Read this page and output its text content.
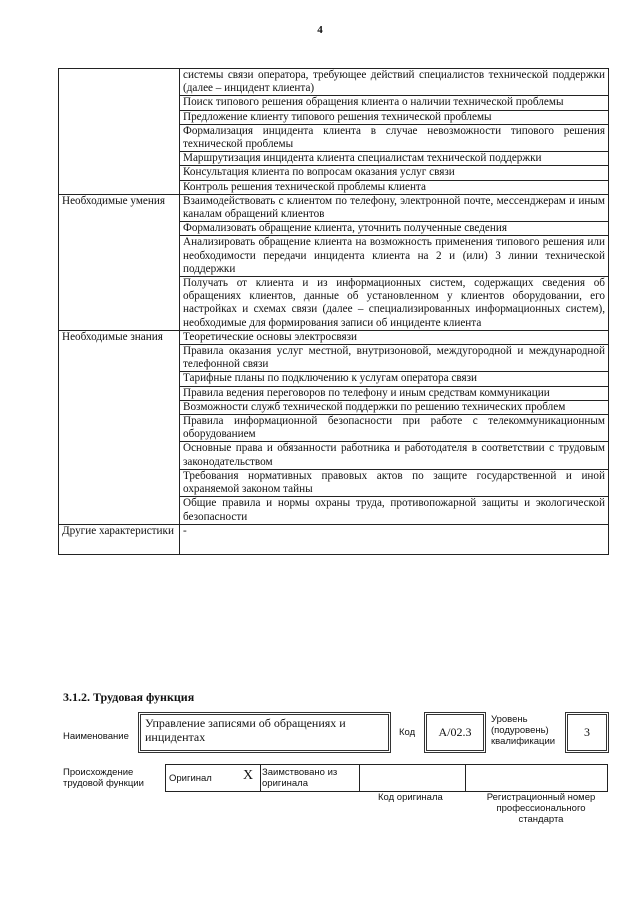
4
	системы связи оператора, требующее действий специалистов технической поддержки (далее – инцидент клиента)
	Поиск типового решения обращения клиента о наличии технической проблемы
	Предложение клиенту типового решения технической проблемы
	Формализация инцидента клиента в случае невозможности типового решения технической проблемы
	Маршрутизация инцидента клиента специалистам технической поддержки
	Консультация клиента по вопросам оказания услуг связи
	Контроль решения технической проблемы клиента
Необходимые умения	Взаимодействовать с клиентом по телефону, электронной почте, мессенджерам и иным каналам обращений клиентов
	Формализовать обращение клиента, уточнить полученные сведения
	Анализировать обращение клиента на возможность применения типового решения или необходимости передачи инцидента клиента на 2 и (или) 3 линии технической поддержки
	Получать от клиента и из информационных систем, содержащих сведения об обращениях клиентов, данные об установленном у клиентов оборудовании, его настройках и схемах связи (далее – специализированных информационных систем), необходимые для формирования записи об инциденте клиента
Необходимые знания	Теоретические основы электросвязи
	Правила оказания услуг местной, внутризоновой, междугородной и международной телефонной связи
	Тарифные планы по подключению к услугам оператора связи
	Правила ведения переговоров по телефону и иным средствам коммуникации
	Возможности служб технической поддержки по решению технических проблем
	Правила информационной безопасности при работе с телекоммуникационным оборудованием
	Основные права и обязанности работника и работодателя в соответствии с трудовым законодательством
	Требования нормативных правовых актов по защите государственной и иной охраняемой законом тайны
	Общие правила и нормы охраны труда, противопожарной защиты и экологической безопасности
Другие характеристики	-
3.1.2. Трудовая функция
Наименование
Управление записями об обращениях и инцидентах	Код	A/02.3
Уровень (подуровень) квалификации
3
Происхождение трудовой функции	Оригинал X Заимствовано из оригинала
Код оригинала	Регистрационный номер профессионального стандарта
